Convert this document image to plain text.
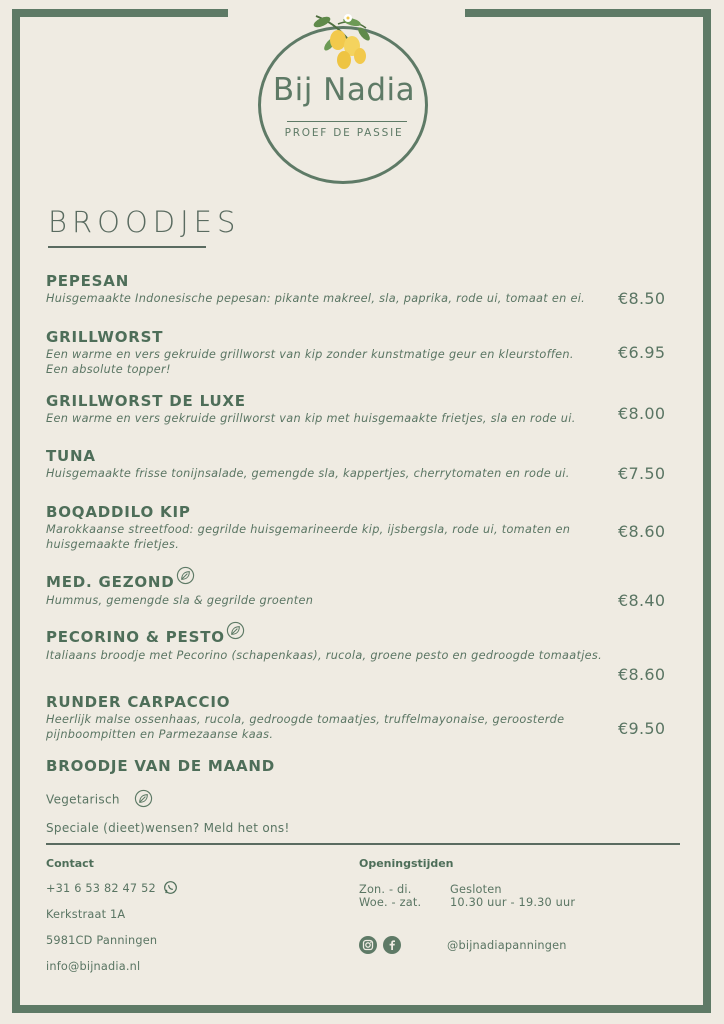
Bij Nadia
PROEF DE PASSIE
BROODJES
PEPESAN
Huisgemaakte Indonesische pepesan: pikante makreel, sla, paprika, rode ui, tomaat en ei.	€8.50
GRILLWORST
Een warme en vers gekruide grillworst van kip zonder kunstmatige geur en kleurstoffen.
Een absolute topper!
€6.95
GRILLWORST DE LUXE
Een warme en vers gekruide grillworst van kip met huisgemaakte frietjes, sla en rode ui.	€8.00
TUNA
Huisgemaakte frisse tonijnsalade, gemengde sla, kappertjes, cherrytomaten en rode ui.	€7.50
BOQADDILO KIP
Marokkaanse streetfood: gegrilde huisgemarineerde kip, ijsbergsla, rode ui, tomaten en
huisgemaakte frietjes.
€8.60
MED. GEZOND
Hummus, gemengde sla & gegrilde groenten	€8.40
PECORINO & PESTO
Italiaans broodje met Pecorino (schapenkaas), rucola, groene pesto en gedroogde tomaatjes.
€8.60
RUNDER CARPACCIO
Heerlijk malse ossenhaas, rucola, gedroogde tomaatjes, truffelmayonaise, geroosterde
pijnboompitten en Parmezaanse kaas.	€9.50
BROODJE VAN DE MAAND
Vegetarisch
Speciale (dieet)wensen? Meld het ons!
Contact
+31 6 53 82 47 52
Kerkstraat 1A
5981CD Panningen
info@bijnadia.nl
Openingstijden
Zon. - di.	Gesloten
Woe. - zat.	10.30 uur - 19.30 uur
@bijnadiapanningen
